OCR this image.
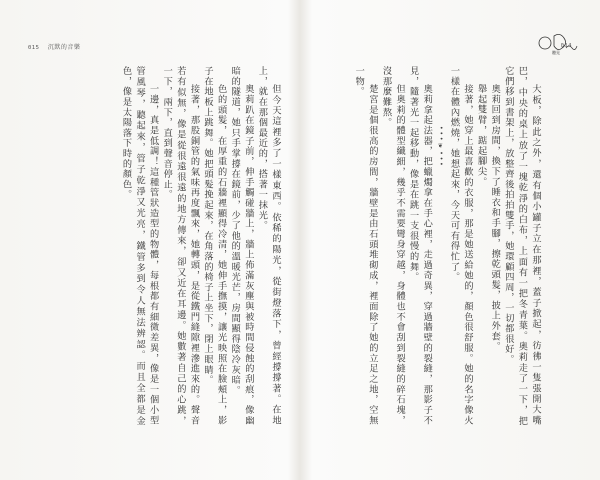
015 沉默的音樂

但今天這裡多了一樣東西。依稀的陽光，從街燈落下，曾經撐撐著。在地上，就在那個最近的，搭著一抹光。

奧莉趴在鏡子前，伸手觸碰牆上，牆上佈滿灰塵與被時間侵蝕的刮痕，像幽暗的隧道，她只手掌撐在鏡前，少了他的溫暖光芒，房間顯得陰冷灰暗。

色的頭髮，在厚重的石牆裡顯得冷清，她伸手撫摸，讓光映照在臉頰上，影子在地板上跳舞。她把頭髮挽起來，在角落的椅子上坐下，閉上眼睛。

接著，那股銅管的氣味再度飄來，她轉頭，是從鐵門縫隙裡滲進來的。聲音若有似無，像是從很遠很遠的地方傳來，卻又近在耳邊。她數著自己的心跳，一下，兩下，直到聲音停止。

一邊，真是低調！這種管狀造型的物體，每根都有細微差異，像是一個小型管風琴，聽起來，管子乾淨又光亮，鐵管多到令人無法辨認。而且全都是金色，像是太陽落下時的顏色。

聽見
014

大板，除此之外，還有個小罐子立在那裡，蓋子掀起，彷彿一隻張開大嘴巴，中央的桌上放了一塊乾淨的白布，上面有一把冬青葉。奧莉走了一下，把它們移到書架上，放整齊後拍拍雙手，她環顧四周，一切都很好。

奧莉回到房間，換下了睡衣和手腳，擦乾頭髮，披上外套。

舉起雙臂，踮起腳尖。

接著，她穿上最喜歡的衣服，那是她送給她的，顏色很舒服。她的名字像火一樣在體內燃燒，她想起來，今天可有得忙了。

• • • ❦ • • •

奧莉拿起法器，把蠟燭拿在手心裡，走過奇異，穿過牆壁的裂縫，那影子不見，隨著光一起移動，像是在跳一支很慢的舞。

但奧莉的體型纖細，幾乎不需要彎身穿越，身體也不會刮到裂縫的碎石塊，沒那麼難熬。

楚宮是個很高的房間，牆壁是由石頭堆砌成，裡面除了她的立足之地，空無一物。
